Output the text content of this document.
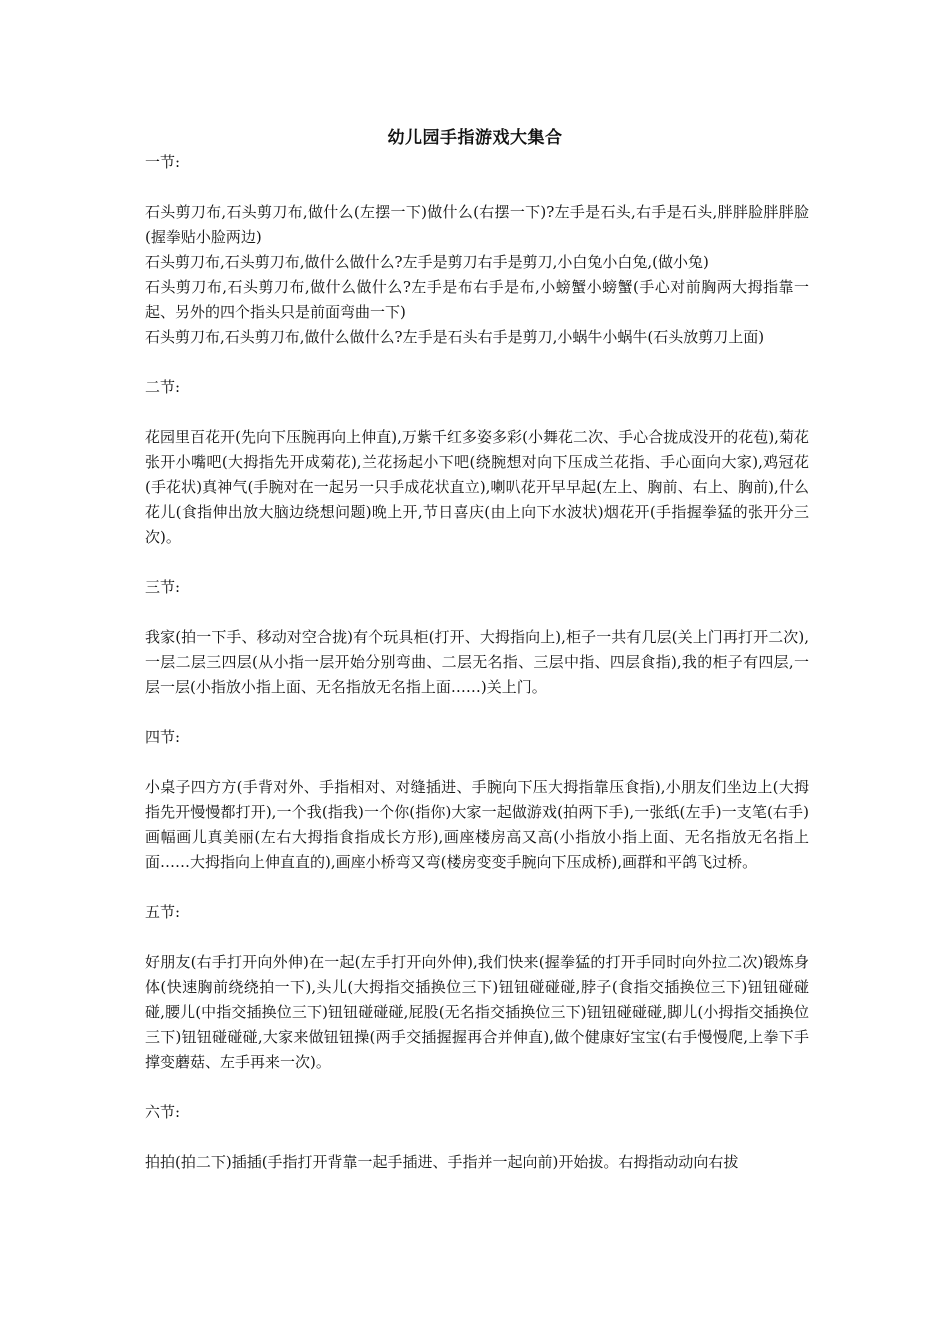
幼儿园手指游戏大集合

一节:

石头剪刀布,石头剪刀布,做什么(左摆一下)做什么(右摆一下)?左手是石头,右手是石头,胖胖脸胖胖脸(握拳贴小脸两边)

石头剪刀布,石头剪刀布,做什么做什么?左手是剪刀右手是剪刀,小白兔小白兔,(做小兔)

石头剪刀布,石头剪刀布,做什么做什么?左手是布右手是布,小螃蟹小螃蟹(手心对前胸两大拇指靠一起、另外的四个指头只是前面弯曲一下)

石头剪刀布,石头剪刀布,做什么做什么?左手是石头右手是剪刀,小蜗牛小蜗牛(石头放剪刀上面)

二节:

花园里百花开(先向下压腕再向上伸直),万紫千红多姿多彩(小舞花二次、手心合拢成没开的花苞),菊花张开小嘴吧(大拇指先开成菊花),兰花扬起小下吧(绕腕想对向下压成兰花指、手心面向大家),鸡冠花(手花状)真神气(手腕对在一起另一只手成花状直立),喇叭花开早早起(左上、胸前、右上、胸前),什么花儿(食指伸出放大脑边绕想问题)晚上开,节日喜庆(由上向下水波状)烟花开(手指握拳猛的张开分三次)。

三节:

我家(拍一下手、移动对空合拢)有个玩具柜(打开、大拇指向上),柜子一共有几层(关上门再打开二次),一层二层三四层(从小指一层开始分别弯曲、二层无名指、三层中指、四层食指),我的柜子有四层,一层一层(小指放小指上面、无名指放无名指上面……)关上门。

四节:

小桌子四方方(手背对外、手指相对、对缝插进、手腕向下压大拇指靠压食指),小朋友们坐边上(大拇指先开慢慢都打开),一个我(指我)一个你(指你)大家一起做游戏(拍两下手),一张纸(左手)一支笔(右手)画幅画儿真美丽(左右大拇指食指成长方形),画座楼房高又高(小指放小指上面、无名指放无名指上面……大拇指向上伸直直的),画座小桥弯又弯(楼房变变手腕向下压成桥),画群和平鸽飞过桥。

五节:

好朋友(右手打开向外伸)在一起(左手打开向外伸),我们快来(握拳猛的打开手同时向外拉二次)锻炼身体(快速胸前绕绕拍一下),头儿(大拇指交插换位三下)钮钮碰碰碰,脖子(食指交插换位三下)钮钮碰碰碰,腰儿(中指交插换位三下)钮钮碰碰碰,屁股(无名指交插换位三下)钮钮碰碰碰,脚儿(小拇指交插换位三下)钮钮碰碰碰,大家来做钮钮操(两手交插握握再合并伸直),做个健康好宝宝(右手慢慢爬,上拳下手撑变蘑菇、左手再来一次)。

六节:

拍拍(拍二下)插插(手指打开背靠一起手插进、手指并一起向前)开始拔。右拇指动动向右拔
